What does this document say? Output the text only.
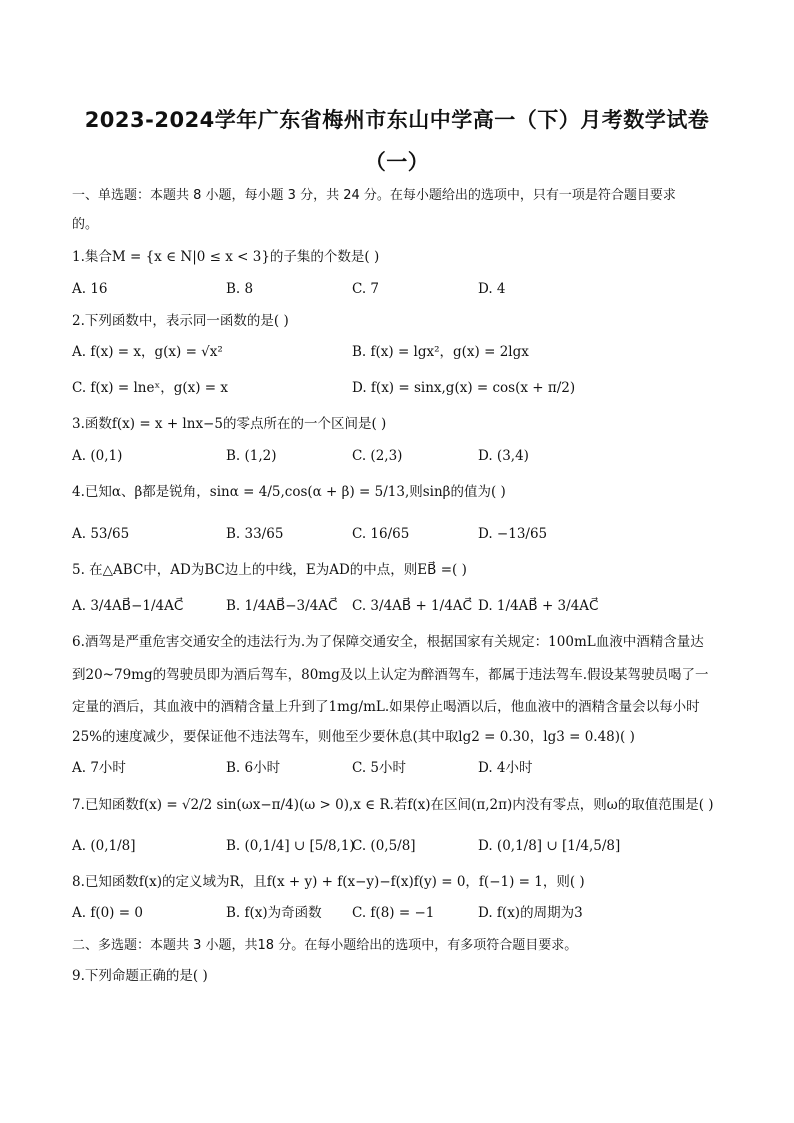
2023-2024学年广东省梅州市东山中学高一（下）月考数学试卷
（一）
一、单选题：本题共 8 小题，每小题 3 分，共 24 分。在每小题给出的选项中，只有一项是符合题目要求
的。
1.集合M = {x ∈ N|0 ≤ x < 3}的子集的个数是( )
A. 16	B. 8	C. 7	D. 4
2.下列函数中，表示同一函数的是( )
A. f(x) = x，g(x) = √x²	B. f(x) = lgx²，g(x) = 2lgx
C. f(x) = lneˣ，g(x) = x	D. f(x) = sinx,g(x) = cos(x + π/2)
3.函数f(x) = x + lnx−5的零点所在的一个区间是( )
A. (0,1)	B. (1,2)	C. (2,3)	D. (3,4)
4.已知α、β都是锐角，sinα = 4/5,cos(α + β) = 5/13,则sinβ的值为( )
A. 53/65	B. 33/65	C. 16/65	D. −13/65
5. 在△ABC中，AD为BC边上的中线，E为AD的中点，则EB⃗ =( )
A. 3/4AB⃗−1/4AC⃗	B. 1/4AB⃗−3/4AC⃗ C. 3/4AB⃗ + 1/4AC⃗ D. 1/4AB⃗ + 3/4AC⃗
6.酒驾是严重危害交通安全的违法行为.为了保障交通安全，根据国家有关规定：100mL血液中酒精含量达
到20~79mg的驾驶员即为酒后驾车，80mg及以上认定为醉酒驾车，都属于违法驾车.假设某驾驶员喝了一
定量的酒后，其血液中的酒精含量上升到了1mg/mL.如果停止喝酒以后，他血液中的酒精含量会以每小时
25%的速度减少，要保证他不违法驾车，则他至少要休息(其中取lg2 = 0.30，lg3 = 0.48)( )
A. 7小时	B. 6小时	C. 5小时	D. 4小时
7.已知函数f(x) = √2/2 sin(ωx−π/4)(ω > 0),x ∈ R.若f(x)在区间(π,2π)内没有零点，则ω的取值范围是( )
A. (0,1/8]	B. (0,1/4] ∪ [5/8,1)
C. (0,5/8]	D. (0,1/8] ∪ [1/4,5/8]
8.已知函数f(x)的定义域为R，且f(x + y) + f(x−y)−f(x)f(y) = 0，f(−1) = 1，则( )
A. f(0) = 0	B. f(x)为奇函数 C. f(8) = −1	D. f(x)的周期为3
二、多选题：本题共 3 小题，共18 分。在每小题给出的选项中，有多项符合题目要求。
9.下列命题正确的是( )
